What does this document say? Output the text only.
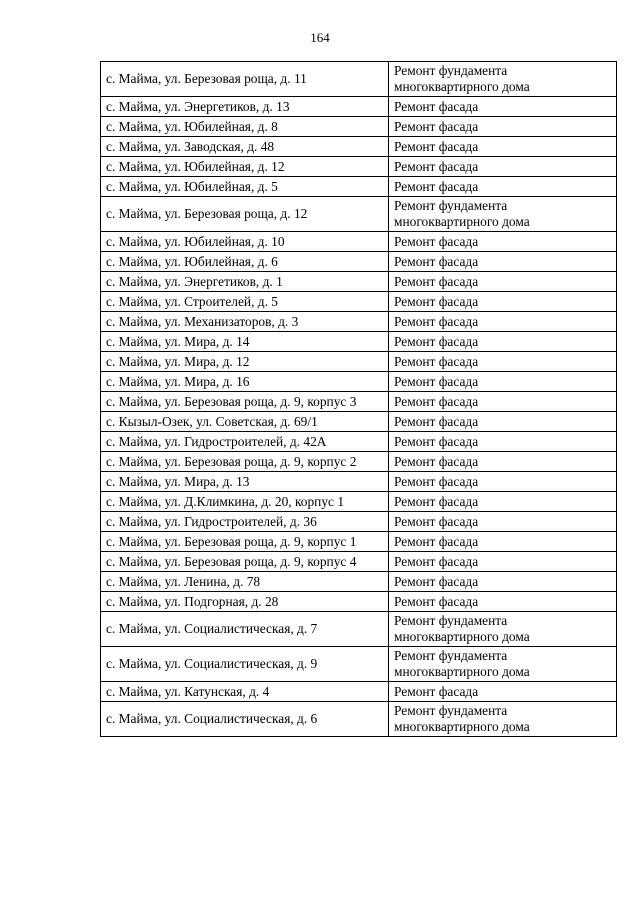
164
с. Майма, ул. Березовая роща, д. 11	Ремонт фундамента многоквартирного дома
с. Майма, ул. Энергетиков, д. 13	Ремонт фасада
с. Майма, ул. Юбилейная, д. 8	Ремонт фасада
с. Майма, ул. Заводская, д. 48	Ремонт фасада
с. Майма, ул. Юбилейная, д. 12	Ремонт фасада
с. Майма, ул. Юбилейная, д. 5	Ремонт фасада
с. Майма, ул. Березовая роща, д. 12	Ремонт фундамента многоквартирного дома
с. Майма, ул. Юбилейная, д. 10	Ремонт фасада
с. Майма, ул. Юбилейная, д. 6	Ремонт фасада
с. Майма, ул. Энергетиков, д. 1	Ремонт фасада
с. Майма, ул. Строителей, д. 5	Ремонт фасада
с. Майма, ул. Механизаторов, д. 3	Ремонт фасада
с. Майма, ул. Мира, д. 14	Ремонт фасада
с. Майма, ул. Мира, д. 12	Ремонт фасада
с. Майма, ул. Мира, д. 16	Ремонт фасада
с. Майма, ул. Березовая роща, д. 9, корпус 3	Ремонт фасада
с. Кызыл-Озек, ул. Советская, д. 69/1	Ремонт фасада
с. Майма, ул. Гидростроителей, д. 42А	Ремонт фасада
с. Майма, ул. Березовая роща, д. 9, корпус 2	Ремонт фасада
с. Майма, ул. Мира, д. 13	Ремонт фасада
с. Майма, ул. Д.Климкина, д. 20, корпус 1	Ремонт фасада
с. Майма, ул. Гидростроителей, д. 36	Ремонт фасада
с. Майма, ул. Березовая роща, д. 9, корпус 1	Ремонт фасада
с. Майма, ул. Березовая роща, д. 9, корпус 4	Ремонт фасада
с. Майма, ул. Ленина, д. 78	Ремонт фасада
с. Майма, ул. Подгорная, д. 28	Ремонт фасада
с. Майма, ул. Социалистическая, д. 7	Ремонт фундамента многоквартирного дома
с. Майма, ул. Социалистическая, д. 9	Ремонт фундамента многоквартирного дома
с. Майма, ул. Катунская, д. 4	Ремонт фасада
с. Майма, ул. Социалистическая, д. 6	Ремонт фундамента многоквартирного дома
